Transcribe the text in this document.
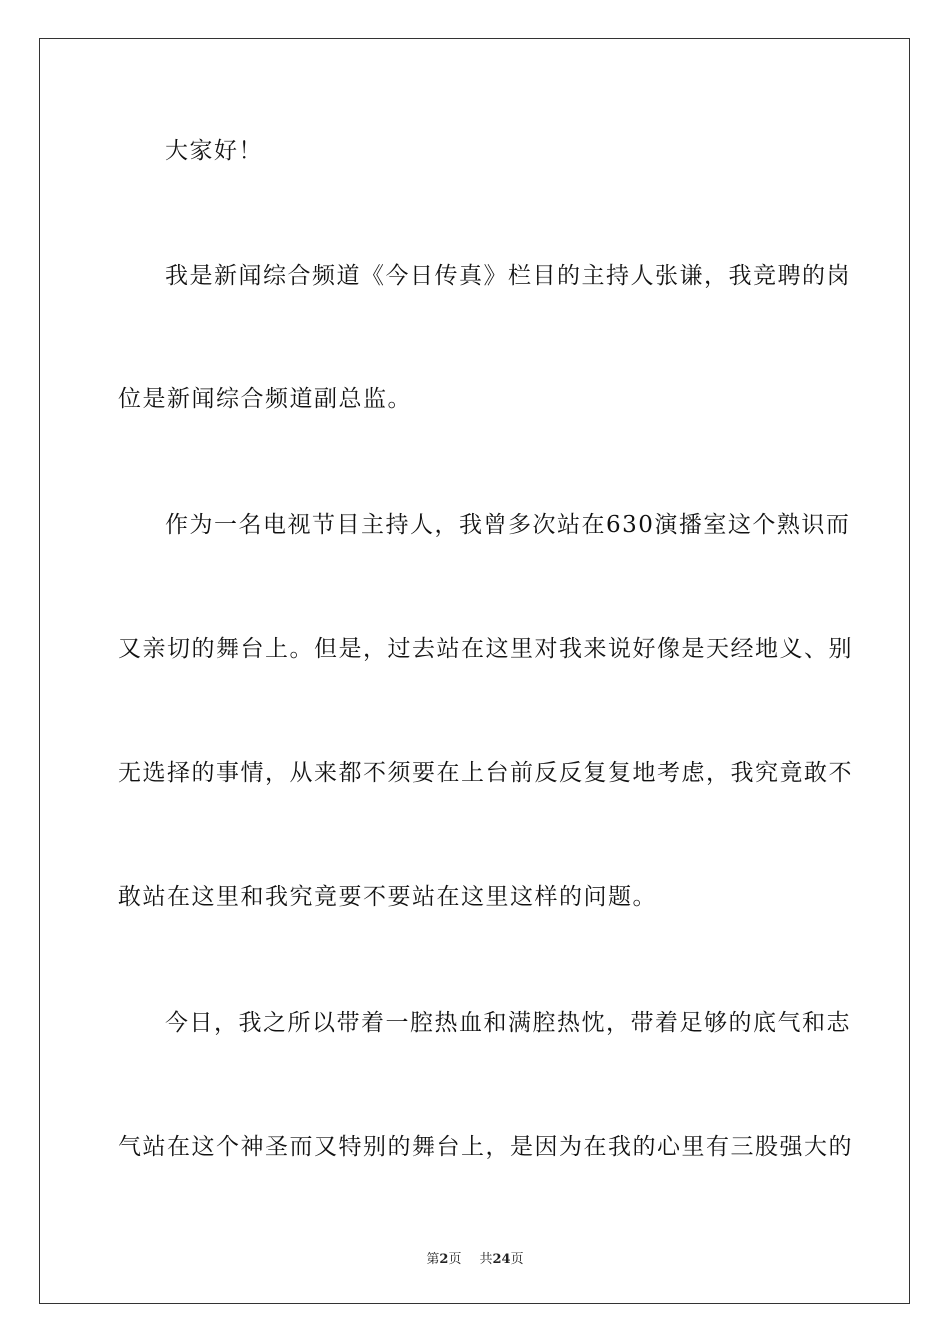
大家好！
我是新闻综合频道《今日传真》栏目的主持人张谦，我竞聘的岗
位是新闻综合频道副总监。
作为一名电视节目主持人，我曾多次站在630演播室这个熟识而
又亲切的舞台上。但是，过去站在这里对我来说好像是天经地义、别
无选择的事情，从来都不须要在上台前反反复复地考虑，我究竟敢不
敢站在这里和我究竟要不要站在这里这样的问题。
今日，我之所以带着一腔热血和满腔热忱，带着足够的底气和志
气站在这个神圣而又特别的舞台上，是因为在我的心里有三股强大的
第2页 共24页
